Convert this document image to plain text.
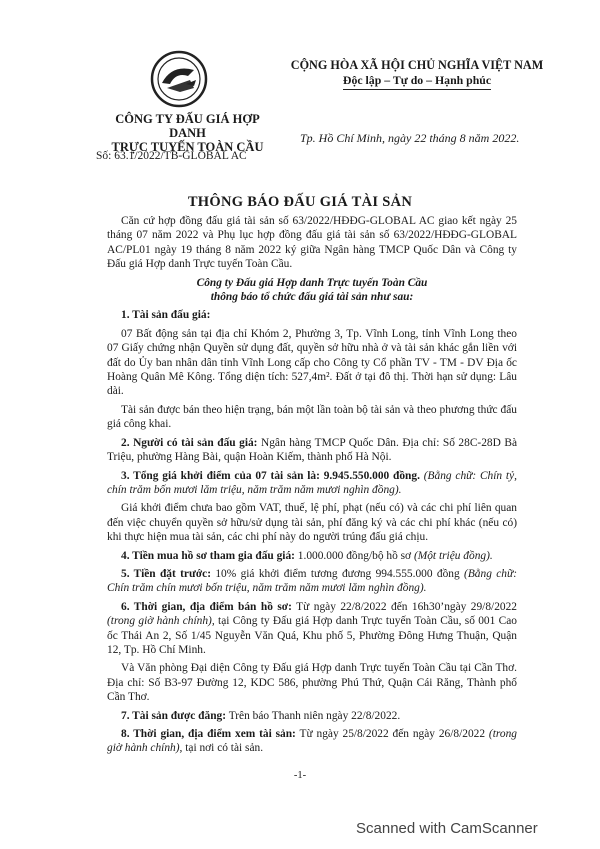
CÔNG TY ĐẤU GIÁ HỢP DANH
TRỰC TUYẾN TOÀN CẦU
Số: 63.1/2022/TB-GLOBAL AC
CỘNG HÒA XÃ HỘI CHỦ NGHĨA VIỆT NAM
Độc lập – Tự do – Hạnh phúc
Tp. Hồ Chí Minh, ngày 22 tháng 8 năm 2022.
THÔNG BÁO ĐẤU GIÁ TÀI SẢN

Căn cứ hợp đồng đấu giá tài sản số 63/2022/HĐĐG-GLOBAL AC giao kết ngày 25 tháng 07 năm 2022 và Phụ lục hợp đồng đấu giá tài sản số 63/2022/HĐĐG-GLOBAL AC/PL01 ngày 19 tháng 8 năm 2022 ký giữa Ngân hàng TMCP Quốc Dân và Công ty Đấu giá Hợp danh Trực tuyến Toàn Cầu.

Công ty Đấu giá Hợp danh Trực tuyến Toàn Cầu
thông báo tổ chức đấu giá tài sản như sau:

1. Tài sản đấu giá:

07 Bất động sản tại địa chỉ Khóm 2, Phường 3, Tp. Vĩnh Long, tỉnh Vĩnh Long theo 07 Giấy chứng nhận Quyền sử dụng đất, quyền sở hữu nhà ở và tài sản khác gắn liền với đất do Ủy ban nhân dân tỉnh Vĩnh Long cấp cho Công ty Cổ phần TV - TM - DV Địa ốc Hoàng Quân Mê Kông. Tổng diện tích: 527,4m². Đất ở tại đô thị. Thời hạn sử dụng: Lâu dài.

Tài sản được bán theo hiện trạng, bán một lần toàn bộ tài sản và theo phương thức đấu giá công khai.

2. Người có tài sản đấu giá: Ngân hàng TMCP Quốc Dân. Địa chỉ: Số 28C-28D Bà Triệu, phường Hàng Bài, quận Hoàn Kiếm, thành phố Hà Nội.

3. Tổng giá khởi điểm của 07 tài sản là: 9.945.550.000 đồng. (Bằng chữ: Chín tỷ, chín trăm bốn mươi lăm triệu, năm trăm năm mươi nghìn đồng).

Giá khởi điểm chưa bao gồm VAT, thuế, lệ phí, phạt (nếu có) và các chi phí liên quan đến việc chuyển quyền sở hữu/sử dụng tài sản, phí đăng ký và các chi phí khác (nếu có) khi thực hiện mua tài sản, các chi phí này do người trúng đấu giá chịu.

4. Tiền mua hồ sơ tham gia đấu giá: 1.000.000 đồng/bộ hồ sơ (Một triệu đồng).

5. Tiền đặt trước: 10% giá khởi điểm tương đương 994.555.000 đồng (Bằng chữ: Chín trăm chín mươi bốn triệu, năm trăm năm mươi lăm nghìn đồng).

6. Thời gian, địa điểm bán hồ sơ: Từ ngày 22/8/2022 đến 16h30’ngày 29/8/2022 (trong giờ hành chính), tại Công ty Đấu giá Hợp danh Trực tuyến Toàn Cầu, số 001 Cao ốc Thái An 2, Số 1/45 Nguyễn Văn Quá, Khu phố 5, Phường Đông Hưng Thuận, Quận 12, Tp. Hồ Chí Minh.

Và Văn phòng Đại diện Công ty Đấu giá Hợp danh Trực tuyến Toàn Cầu tại Cần Thơ. Địa chỉ: Số B3-97 Đường 12, KDC 586, phường Phú Thứ, Quận Cái Răng, Thành phố Cần Thơ.

7. Tài sản được đăng: Trên báo Thanh niên ngày 22/8/2022.

8. Thời gian, địa điểm xem tài sản: Từ ngày 25/8/2022 đến ngày 26/8/2022 (trong giờ hành chính), tại nơi có tài sản.

-1-
Scanned with CamScanner
